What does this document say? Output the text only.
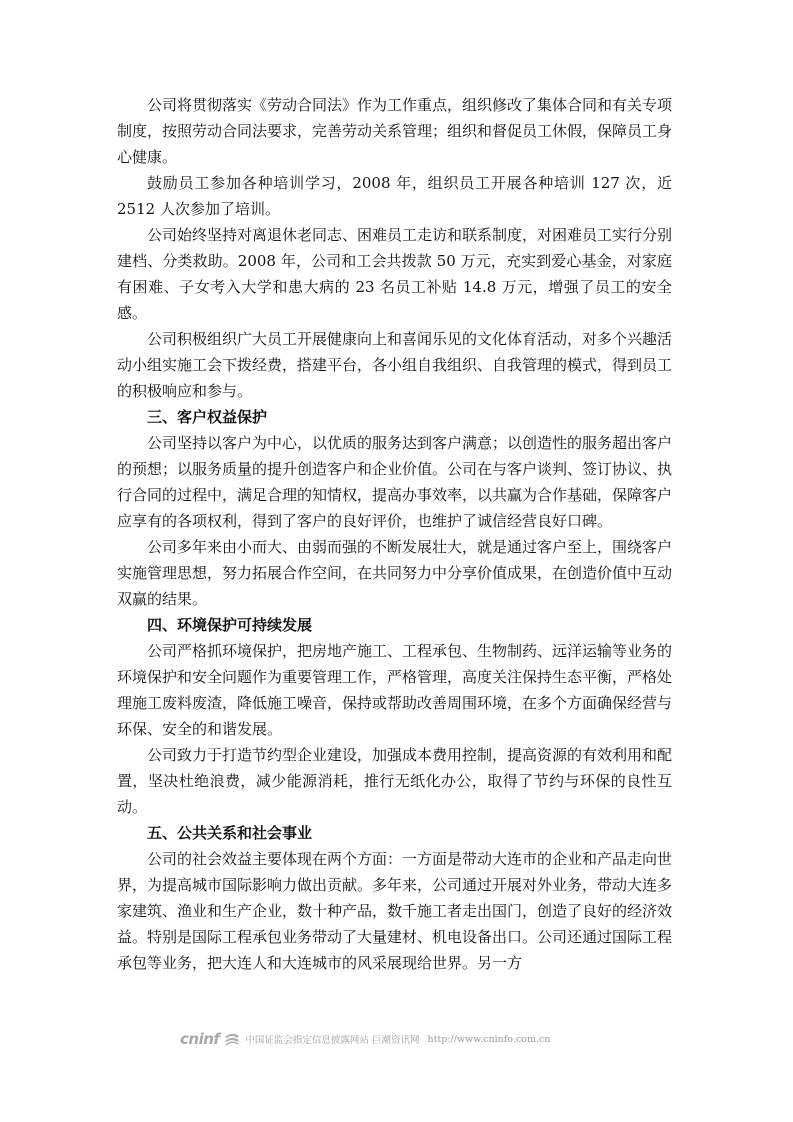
公司将贯彻落实《劳动合同法》作为工作重点，组织修改了集体合同和有关专项制度，按照劳动合同法要求，完善劳动关系管理；组织和督促员工休假，保障员工身心健康。

鼓励员工参加各种培训学习，2008 年，组织员工开展各种培训 127 次，近 2512 人次参加了培训。

公司始终坚持对离退休老同志、困难员工走访和联系制度，对困难员工实行分别建档、分类救助。2008 年，公司和工会共拨款 50 万元，充实到爱心基金，对家庭有困难、子女考入大学和患大病的 23 名员工补贴 14.8 万元，增强了员工的安全感。

公司积极组织广大员工开展健康向上和喜闻乐见的文化体育活动，对多个兴趣活动小组实施工会下拨经费，搭建平台，各小组自我组织、自我管理的模式，得到员工的积极响应和参与。

三、客户权益保护

公司坚持以客户为中心，以优质的服务达到客户满意；以创造性的服务超出客户的预想；以服务质量的提升创造客户和企业价值。公司在与客户谈判、签订协议、执行合同的过程中，满足合理的知情权，提高办事效率，以共赢为合作基础，保障客户应享有的各项权利，得到了客户的良好评价，也维护了诚信经营良好口碑。

公司多年来由小而大、由弱而强的不断发展壮大，就是通过客户至上，围绕客户实施管理思想，努力拓展合作空间，在共同努力中分享价值成果，在创造价值中互动双赢的结果。

四、环境保护可持续发展

公司严格抓环境保护，把房地产施工、工程承包、生物制药、远洋运输等业务的环境保护和安全问题作为重要管理工作，严格管理，高度关注保持生态平衡，严格处理施工废料废渣，降低施工噪音，保持或帮助改善周围环境，在多个方面确保经营与环保、安全的和谐发展。

公司致力于打造节约型企业建设，加强成本费用控制，提高资源的有效利用和配置，坚决杜绝浪费，减少能源消耗，推行无纸化办公，取得了节约与环保的良性互动。

五、公共关系和社会事业

公司的社会效益主要体现在两个方面：一方面是带动大连市的企业和产品走向世界，为提高城市国际影响力做出贡献。多年来，公司通过开展对外业务，带动大连多家建筑、渔业和生产企业，数十种产品，数千施工者走出国门，创造了良好的经济效益。特别是国际工程承包业务带动了大量建材、机电设备出口。公司还通过国际工程承包等业务，把大连人和大连城市的风采展现给世界。另一方

cninf	中国证监会指定信息披露网站 巨潮资讯网 http://www.cninfo.com.cn
